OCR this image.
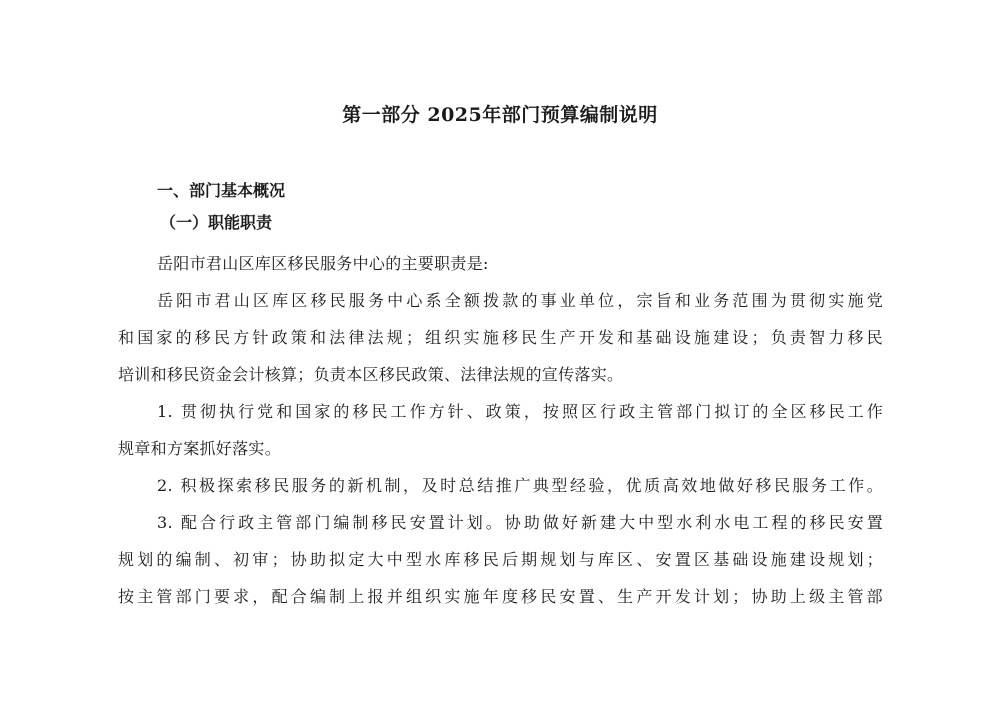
第一部分 2025年部门预算编制说明
一、部门基本概况
（一）职能职责
岳阳市君山区库区移民服务中心的主要职责是:
岳阳市君山区库区移民服务中心系全额拨款的事业单位，宗旨和业务范围为贯彻实施党
和国家的移民方针政策和法律法规；组织实施移民生产开发和基础设施建设；负责智力移民
培训和移民资金会计核算；负责本区移民政策、法律法规的宣传落实。
1. 贯彻执行党和国家的移民工作方针、政策，按照区行政主管部门拟订的全区移民工作
规章和方案抓好落实。
2. 积极探索移民服务的新机制，及时总结推广典型经验，优质高效地做好移民服务工作。
3. 配合行政主管部门编制移民安置计划。协助做好新建大中型水利水电工程的移民安置
规划的编制、初审；协助拟定大中型水库移民后期规划与库区、安置区基础设施建设规划；
按主管部门要求，配合编制上报并组织实施年度移民安置、生产开发计划；协助上级主管部
